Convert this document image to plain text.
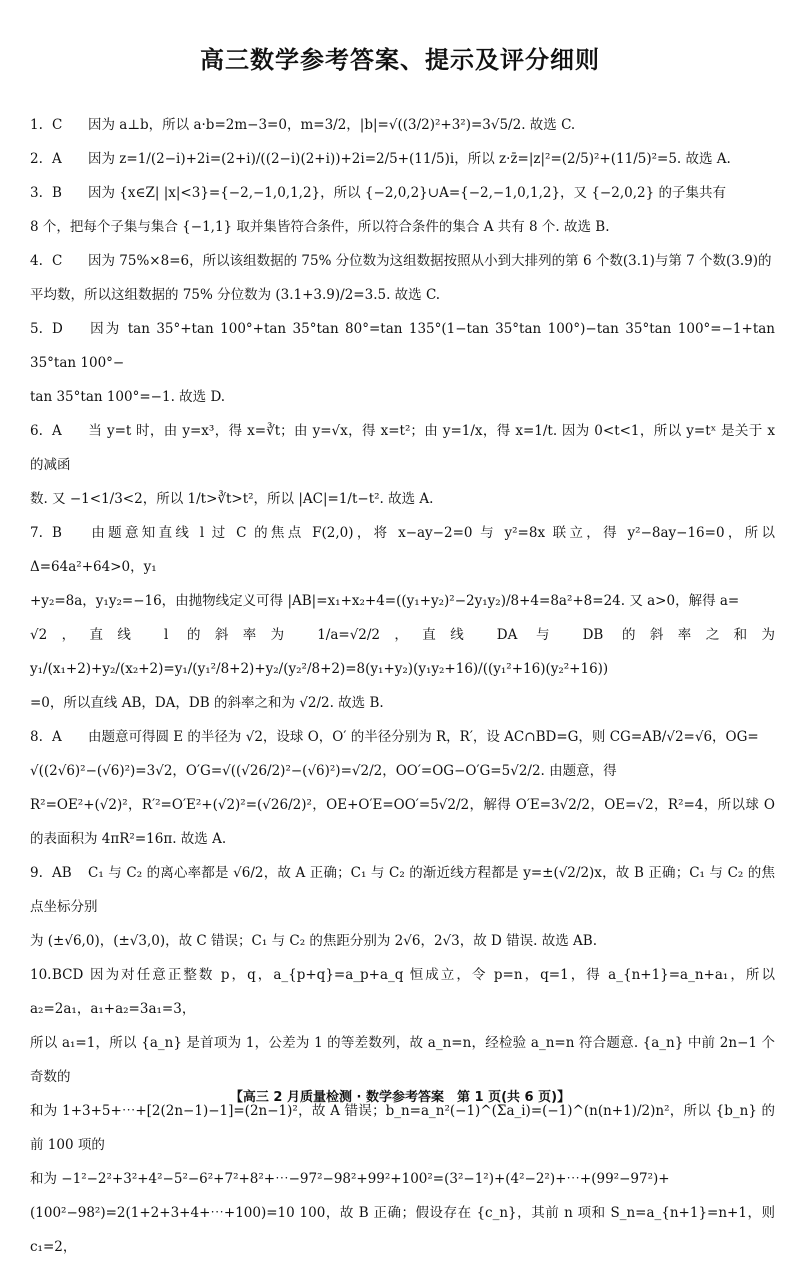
高三数学参考答案、提示及评分细则

1. C 因为 a⊥b，所以 a·b=2m−3=0，m=3/2，|b|=√((3/2)²+3²)=3√5/2. 故选 C.

2. A 因为 z=1/(2−i)+2i=(2+i)/((2−i)(2+i))+2i=2/5+(11/5)i，所以 z·z̄=|z|²=(2/5)²+(11/5)²=5. 故选 A.

3. B 因为 {x∈Z| |x|<3}={−2,−1,0,1,2}，所以 {−2,0,2}∪A={−2,−1,0,1,2}，又 {−2,0,2} 的子集共有

8 个，把每个子集与集合 {−1,1} 取并集皆符合条件，所以符合条件的集合 A 共有 8 个. 故选 B.

4. C 因为 75%×8=6，所以该组数据的 75% 分位数为这组数据按照从小到大排列的第 6 个数(3.1)与第 7 个数(3.9)的

平均数，所以这组数据的 75% 分位数为 (3.1+3.9)/2=3.5. 故选 C.

5. D 因为 tan 35°+tan 100°+tan 35°tan 80°=tan 135°(1−tan 35°tan 100°)−tan 35°tan 100°=−1+tan 35°tan 100°−

tan 35°tan 100°=−1. 故选 D.

6. A 当 y=t 时，由 y=x³，得 x=∛t；由 y=√x，得 x=t²；由 y=1/x，得 x=1/t. 因为 0<t<1，所以 y=tˣ 是关于 x 的减函

数. 又 −1<1/3<2，所以 1/t>∛t>t²，所以 |AC|=1/t−t². 故选 A.

7. B 由题意知直线 l 过 C 的焦点 F(2,0)，将 x−ay−2=0 与 y²=8x 联立，得 y²−8ay−16=0，所以 Δ=64a²+64>0，y₁

+y₂=8a，y₁y₂=−16，由抛物线定义可得 |AB|=x₁+x₂+4=((y₁+y₂)²−2y₁y₂)/8+4=8a²+8=24. 又 a>0，解得 a=

√2，直线 l 的斜率为 1/a=√2/2，直线 DA 与 DB 的斜率之和为 y₁/(x₁+2)+y₂/(x₂+2)=y₁/(y₁²/8+2)+y₂/(y₂²/8+2)=8(y₁+y₂)(y₁y₂+16)/((y₁²+16)(y₂²+16))

=0，所以直线 AB，DA，DB 的斜率之和为 √2/2. 故选 B.

8. A 由题意可得圆 E 的半径为 √2，设球 O，O′ 的半径分别为 R，R′，设 AC∩BD=G，则 CG=AB/√2=√6，OG=

√((2√6)²−(√6)²)=3√2，O′G=√((√26/2)²−(√6)²)=√2/2，OO′=OG−O′G=5√2/2. 由题意，得

R²=OE²+(√2)²，R′²=O′E²+(√2)²=(√26/2)²，OE+O′E=OO′=5√2/2，解得 O′E=3√2/2，OE=√2，R²=4，所以球 O 的表面积为 4πR²=16π. 故选 A.

9. AB C₁ 与 C₂ 的离心率都是 √6/2，故 A 正确；C₁ 与 C₂ 的渐近线方程都是 y=±(√2/2)x，故 B 正确；C₁ 与 C₂ 的焦点坐标分别

为 (±√6,0)，(±√3,0)，故 C 错误；C₁ 与 C₂ 的焦距分别为 2√6，2√3，故 D 错误. 故选 AB.

10.BCD 因为对任意正整数 p，q，a_{p+q}=a_p+a_q 恒成立，令 p=n，q=1，得 a_{n+1}=a_n+a₁，所以 a₂=2a₁，a₁+a₂=3a₁=3，

所以 a₁=1，所以 {a_n} 是首项为 1，公差为 1 的等差数列，故 a_n=n，经检验 a_n=n 符合题意. {a_n} 中前 2n−1 个奇数的

和为 1+3+5+⋯+[2(2n−1)−1]=(2n−1)²，故 A 错误；b_n=a_n²(−1)^(Σa_i)=(−1)^(n(n+1)/2)n²，所以 {b_n} 的前 100 项的

和为 −1²−2²+3²+4²−5²−6²+7²+8²+⋯−97²−98²+99²+100²=(3²−1²)+(4²−2²)+⋯+(99²−97²)+

(100²−98²)=2(1+2+3+4+⋯+100)=10 100，故 B 正确；假设存在 {c_n}，其前 n 项和 S_n=a_{n+1}=n+1，则 c₁=2，

【高三 2 月质量检测 · 数学参考答案　第 1 页(共 6 页)】
